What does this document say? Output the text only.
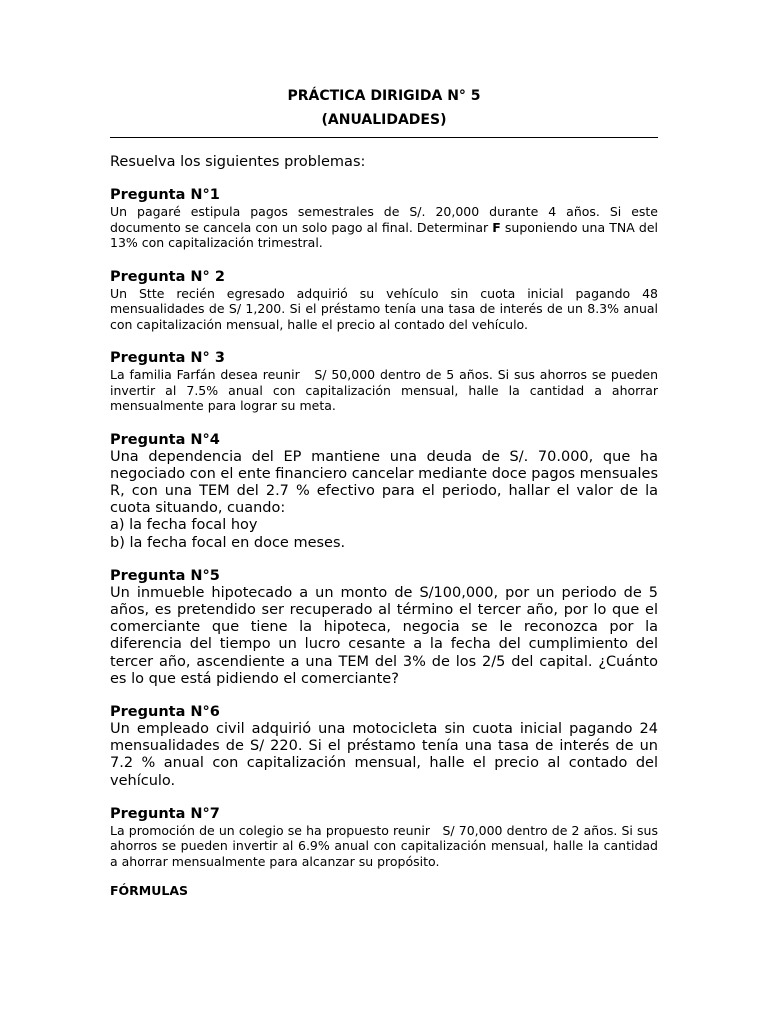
PRÁCTICA DIRIGIDA N° 5
(ANUALIDADES)

Resuelva los siguientes problemas:

Pregunta N°1

Un pagaré estipula pagos semestrales de S/. 20,000 durante 4 años. Si este documento se cancela con un solo pago al final. Determinar F suponiendo una TNA del 13% con capitalización trimestral.

Pregunta N° 2

Un Stte recién egresado adquirió su vehículo sin cuota inicial pagando 48 mensualidades de S/ 1,200. Si el préstamo tenía una tasa de interés de un 8.3% anual con capitalización mensual, halle el precio al contado del vehículo.

Pregunta N° 3

La familia Farfán desea reunir   S/ 50,000 dentro de 5 años. Si sus ahorros se pueden invertir al 7.5% anual con capitalización mensual, halle la cantidad a ahorrar mensualmente para lograr su meta.

Pregunta N°4

Una dependencia del EP mantiene una deuda de S/. 70.000, que ha negociado con el ente financiero cancelar mediante doce pagos mensuales R, con una TEM del 2.7 % efectivo para el periodo, hallar el valor de la cuota situando, cuando:

a) la fecha focal hoy

b) la fecha focal en doce meses.

Pregunta N°5

Un inmueble hipotecado a un monto de S/100,000, por un periodo de 5 años, es pretendido ser recuperado al término el tercer año, por lo que el comerciante que tiene la hipoteca, negocia se le reconozca por la diferencia del tiempo un lucro cesante a la fecha del cumplimiento del tercer año, ascendiente a una TEM del 3% de los 2/5 del capital. ¿Cuánto es lo que está pidiendo el comerciante?

Pregunta N°6

Un empleado civil adquirió una motocicleta sin cuota inicial pagando 24 mensualidades de S/ 220. Si el préstamo tenía una tasa de interés de un 7.2 % anual con capitalización mensual, halle el precio al contado del vehículo.

Pregunta N°7

La promoción de un colegio se ha propuesto reunir   S/ 70,000 dentro de 2 años. Si sus ahorros se pueden invertir al 6.9% anual con capitalización mensual, halle la cantidad a ahorrar mensualmente para alcanzar su propósito.

FÓRMULAS
